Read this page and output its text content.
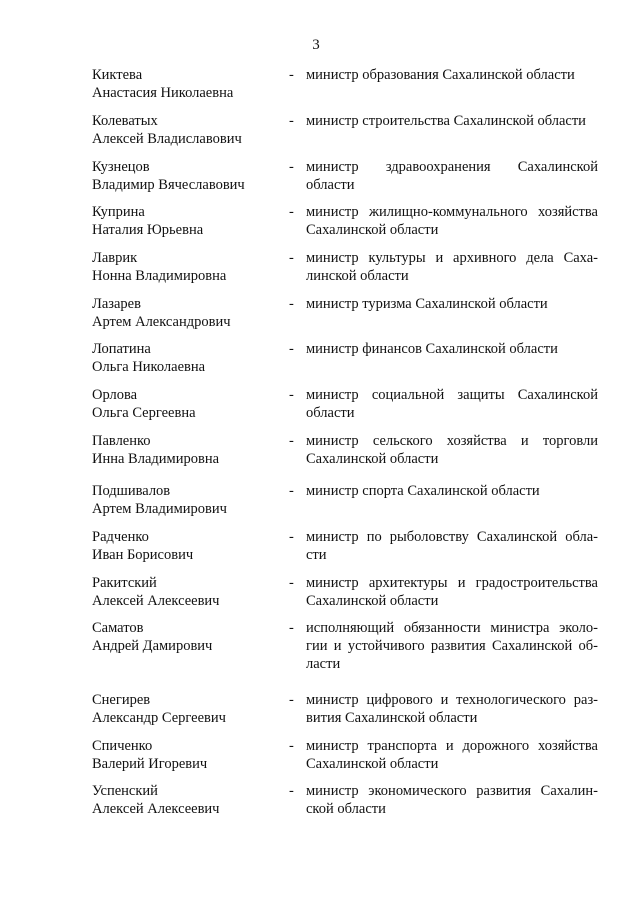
3
Киктева
Анастасия Николаевна
- министр образования Сахалинской области
Колеватых
Алексей Владиславович
- министр строительства Сахалинской области
Кузнецов
Владимир Вячеславович
- министр здравоохранения Сахалинской
области
Куприна
Наталия Юрьевна
- министр жилищно-коммунального хозяйства
Сахалинской области
Лаврик
Нонна Владимировна
- министр культуры и архивного дела Саха-
линской области
Лазарев
Артем Александрович
- министр туризма Сахалинской области
Лопатина
Ольга Николаевна
- министр финансов Сахалинской области
Орлова
Ольга Сергеевна
- министр социальной защиты Сахалинской
области
Павленко
Инна Владимировна
- министр сельского хозяйства и торговли
Сахалинской области
Подшивалов
Артем Владимирович
- министр спорта Сахалинской области
Радченко
Иван Борисович
- министр по рыболовству Сахалинской обла-
сти
Ракитский
Алексей Алексеевич
- министр архитектуры и градостроительства
Сахалинской области
Саматов
Андрей Дамирович
- исполняющий обязанности министра эколо-
гии и устойчивого развития Сахалинской об-
ласти
Снегирев
Александр Сергеевич
- министр цифрового и технологического раз-
вития Сахалинской области
Спиченко
Валерий Игоревич
- министр транспорта и дорожного хозяйства
Сахалинской области
Успенский
Алексей Алексеевич
- министр экономического развития Сахалин-
ской области
